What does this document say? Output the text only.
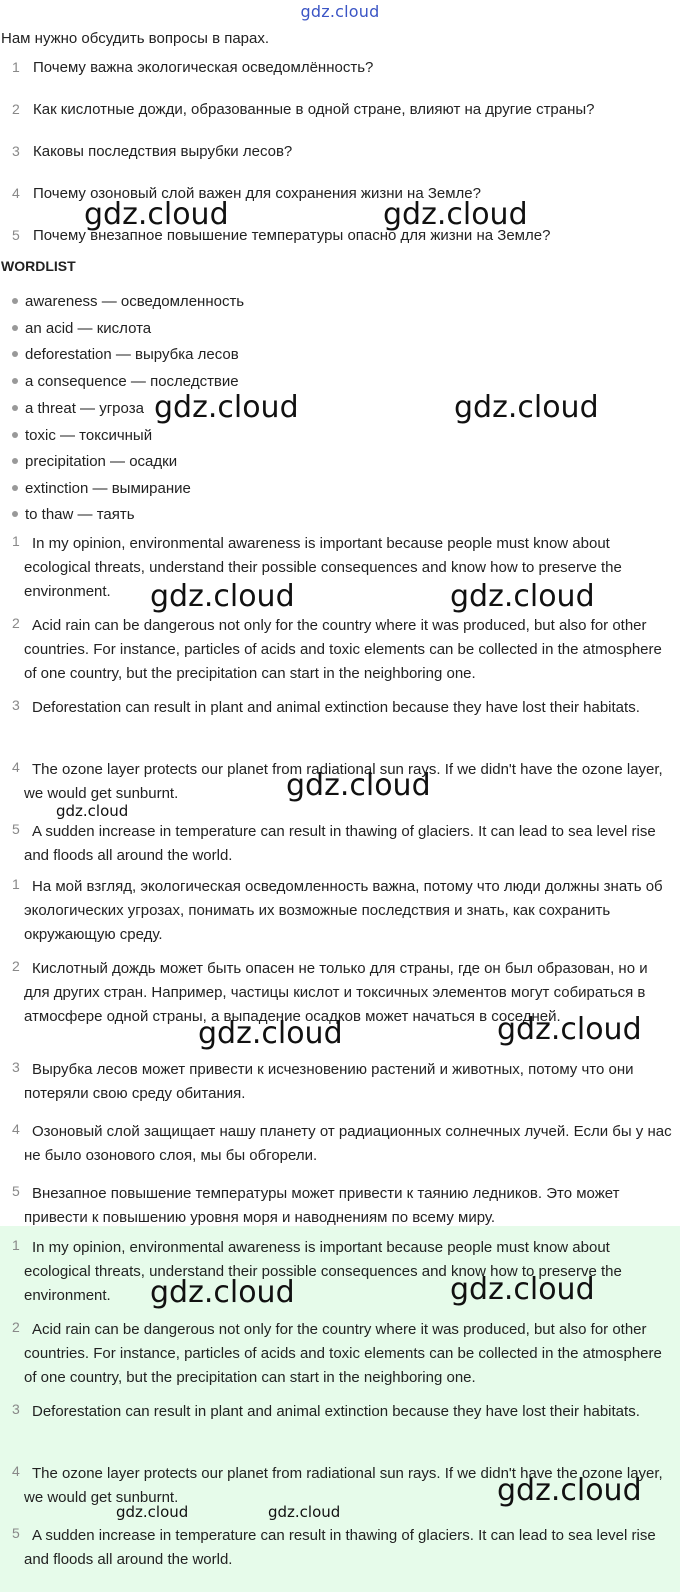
gdz.cloud
Нам нужно обсудить вопросы в парах.
1 Почему важна экологическая осведомлённость?
2 Как кислотные дожди, образованные в одной стране, влияют на другие страны?
3 Каковы последствия вырубки лесов?
4 Почему озоновый слой важен для сохранения жизни на Земле?
5 Почему внезапное повышение температуры опасно для жизни на Земле?
WORDLIST
awareness — осведомленность
an acid — кислота
deforestation — вырубка лесов
a consequence — последствие
a threat — угроза
toxic — токсичный
precipitation — осадки
extinction — вымирание
to thaw — таять
1 In my opinion, environmental awareness is important because people must know about ecological threats, understand their possible consequences and know how to preserve the environment.
2 Acid rain can be dangerous not only for the country where it was produced, but also for other countries. For instance, particles of acids and toxic elements can be collected in the atmosphere of one country, but the precipitation can start in the neighboring one.
3 Deforestation can result in plant and animal extinction because they have lost their habitats.
4 The ozone layer protects our planet from radiational sun rays. If we didn't have the ozone layer, we would get sunburnt.
5 A sudden increase in temperature can result in thawing of glaciers. It can lead to sea level rise and floods all around the world.
1 На мой взгляд, экологическая осведомленность важна, потому что люди должны знать об экологических угрозах, понимать их возможные последствия и знать, как сохранить окружающую среду.
2 Кислотный дождь может быть опасен не только для страны, где он был образован, но и для других стран. Например, частицы кислот и токсичных элементов могут собираться в атмосфере одной страны, а выпадение осадков может начаться в соседней.
3 Вырубка лесов может привести к исчезновению растений и животных, потому что они потеряли свою среду обитания.
4 Озоновый слой защищает нашу планету от радиационных солнечных лучей. Если бы у нас не было озонового слоя, мы бы обгорели.
5 Внезапное повышение температуры может привести к таянию ледников. Это может привести к повышению уровня моря и наводнениям по всему миру.
1 In my opinion, environmental awareness is important because people must know about ecological threats, understand their possible consequences and know how to preserve the environment.
2 Acid rain can be dangerous not only for the country where it was produced, but also for other countries. For instance, particles of acids and toxic elements can be collected in the atmosphere of one country, but the precipitation can start in the neighboring one.
3 Deforestation can result in plant and animal extinction because they have lost their habitats.
4 The ozone layer protects our planet from radiational sun rays. If we didn't have the ozone layer, we would get sunburnt.
5 A sudden increase in temperature can result in thawing of glaciers. It can lead to sea level rise and floods all around the world.
gdz.cloud	gdz.cloud
gdz.cloud	gdz.cloud
gdz.cloud	gdz.cloud
gdz.cloud
gdz.cloud
gdz.cloud	gdz.cloud
gdz.cloud	gdz.cloud
gdz.cloud
gdz.cloud	gdz.cloud
